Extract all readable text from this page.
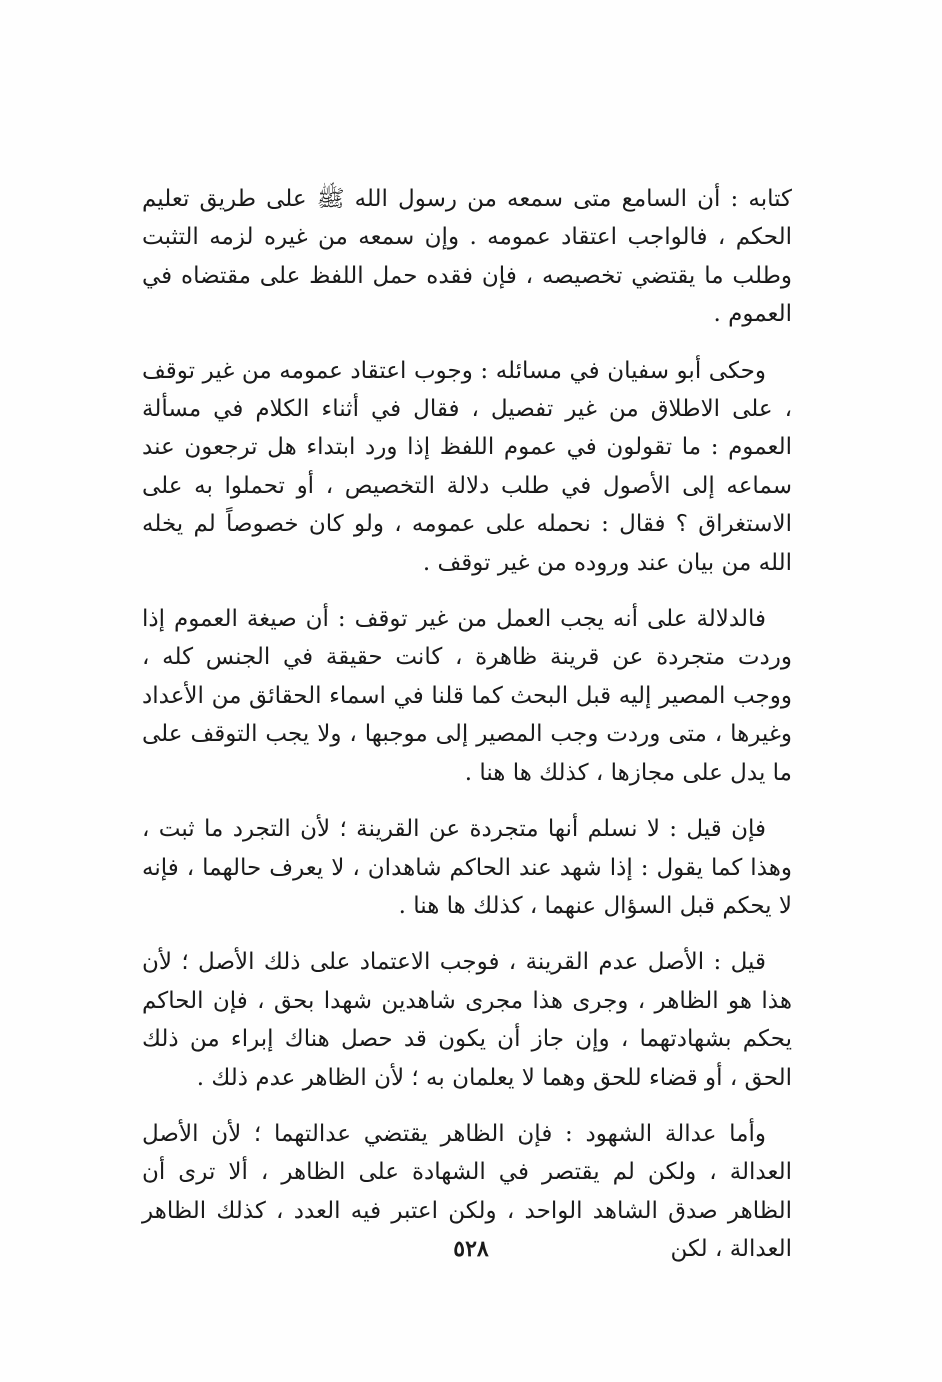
كتابه : أن السامع متى سمعه من رسول الله ﷺ على طريق تعليم الحكم ، فالواجب اعتقاد عمومه . وإن سمعه من غيره لزمه التثبت وطلب ما يقتضي تخصيصه ، فإن فقده حمل اللفظ على مقتضاه في العموم .

وحكى أبو سفيان في مسائله : وجوب اعتقاد عمومه من غير توقف ، على الاطلاق من غير تفصيل ، فقال في أثناء الكلام في مسألة العموم : ما تقولون في عموم اللفظ إذا ورد ابتداء هل ترجعون عند سماعه إلى الأصول في طلب دلالة التخصيص ، أو تحملوا به على الاستغراق ؟ فقال : نحمله على عمومه ، ولو كان خصوصاً لم يخله الله من بيان عند وروده من غير توقف .

فالدلالة على أنه يجب العمل من غير توقف : أن صيغة العموم إذا وردت متجردة عن قرينة ظاهرة ، كانت حقيقة في الجنس كله ، ووجب المصير إليه قبل البحث كما قلنا في اسماء الحقائق من الأعداد وغيرها ، متى وردت وجب المصير إلى موجبها ، ولا يجب التوقف على ما يدل على مجازها ، كذلك ها هنا .

فإن قيل : لا نسلم أنها متجردة عن القرينة ؛ لأن التجرد ما ثبت ، وهذا كما يقول : إذا شهد عند الحاكم شاهدان ، لا يعرف حالهما ، فإنه لا يحكم قبل السؤال عنهما ، كذلك ها هنا .

قيل : الأصل عدم القرينة ، فوجب الاعتماد على ذلك الأصل ؛ لأن هذا هو الظاهر ، وجرى هذا مجرى شاهدين شهدا بحق ، فإن الحاكم يحكم بشهادتهما ، وإن جاز أن يكون قد حصل هناك إبراء من ذلك الحق ، أو قضاء للحق وهما لا يعلمان به ؛ لأن الظاهر عدم ذلك .

وأما عدالة الشهود : فإن الظاهر يقتضي عدالتهما ؛ لأن الأصل العدالة ، ولكن لم يقتصر في الشهادة على الظاهر ، ألا ترى أن الظاهر صدق الشاهد الواحد ، ولكن اعتبر فيه العدد ، كذلك الظاهر العدالة ، لكن

٥٢٨
